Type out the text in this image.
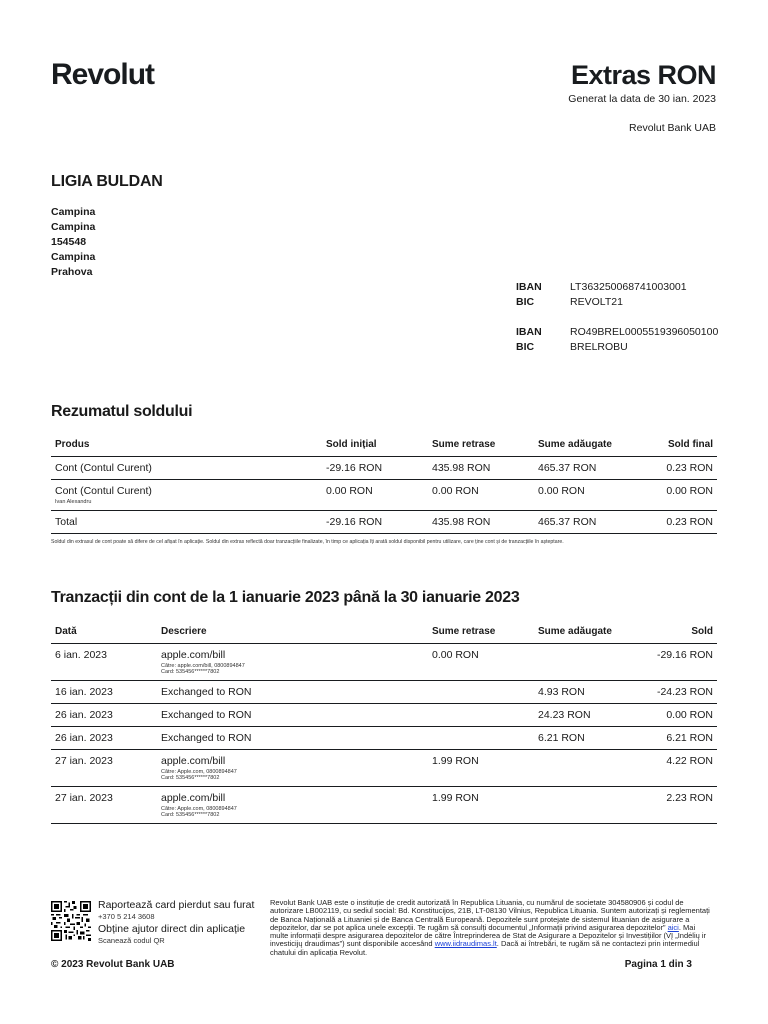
Revolut	Extras RON
Generat la data de 30 ian. 2023
Revolut Bank UAB
LIGIA BULDAN
Campina
Campina
154548
Campina
Prahova
IBAN	LT363250068741003001
BIC	REVOLT21
IBAN	RO49BREL0005519396050100
BIC	BRELROBU
Rezumatul soldului
Produs	Sold inițial	Sume retrase	Sume adăugate	Sold final

Cont (Contul Curent)	-29.16 RON	435.98 RON	465.37 RON	0.23 RON

Cont (Contul Curent)
Ivan Alexandru	0.00 RON	0.00 RON	0.00 RON	0.00 RON

Total	-29.16 RON	435.98 RON	465.37 RON	0.23 RON
Soldul din extrasul de cont poate să difere de cel afișat în aplicație. Soldul din extras reflectă doar tranzacțiile finalizate, în timp ce aplicația îți arată soldul disponibil pentru utilizare, care ține cont și de tranzacțiile în așteptare.
Tranzacții din cont de la 1 ianuarie 2023 până la 30 ianuarie 2023
Dată	Descriere	Sume retrase	Sume adăugate	Sold
6 ian. 2023	apple.com/bill
Către: apple.com/bill, 0800894847
Card: 535456******7802	0.00 RON		-29.16 RON
16 ian. 2023	Exchanged to RON		4.93 RON	-24.23 RON
26 ian. 2023	Exchanged to RON		24.23 RON	0.00 RON
26 ian. 2023	Exchanged to RON		6.21 RON	6.21 RON
27 ian. 2023	apple.com/bill
Către: Apple.com, 0800894847
Card: 535456******7802	1.99 RON		4.22 RON
27 ian. 2023	apple.com/bill
Către: Apple.com, 0800894847
Card: 535456******7802	1.99 RON		2.23 RON
Raportează card pierdut sau furat
+370 5 214 3608
Obține ajutor direct din aplicație
Scanează codul QR
Revolut Bank UAB este o instituție de credit autorizată în Republica Lituania, cu numărul de societate 304580906 și codul de autorizare LB002119, cu sediul social: Bd. Konstitucijos, 21B, LT-08130 Vilnius, Republica Lituania. Suntem autorizați și reglementați de Banca Națională a Lituaniei și de Banca Centrală Europeană. Depozitele sunt protejate de sistemul lituanian de asigurare a depozitelor, dar se pot aplica unele excepții. Te rugăm să consulți documentul „Informații privind asigurarea depozitelor” aici. Mai multe informații despre asigurarea depozitelor de către Întreprinderea de Stat de Asigurare a Depozitelor și Investițiilor (VĮ „Indėlių ir investicijų draudimas”) sunt disponibile accesând www.iidraudimas.lt. Dacă ai întrebări, te rugăm să ne contactezi prin intermediul chatului din aplicația Revolut.
© 2023 Revolut Bank UAB	Pagina 1 din 3
